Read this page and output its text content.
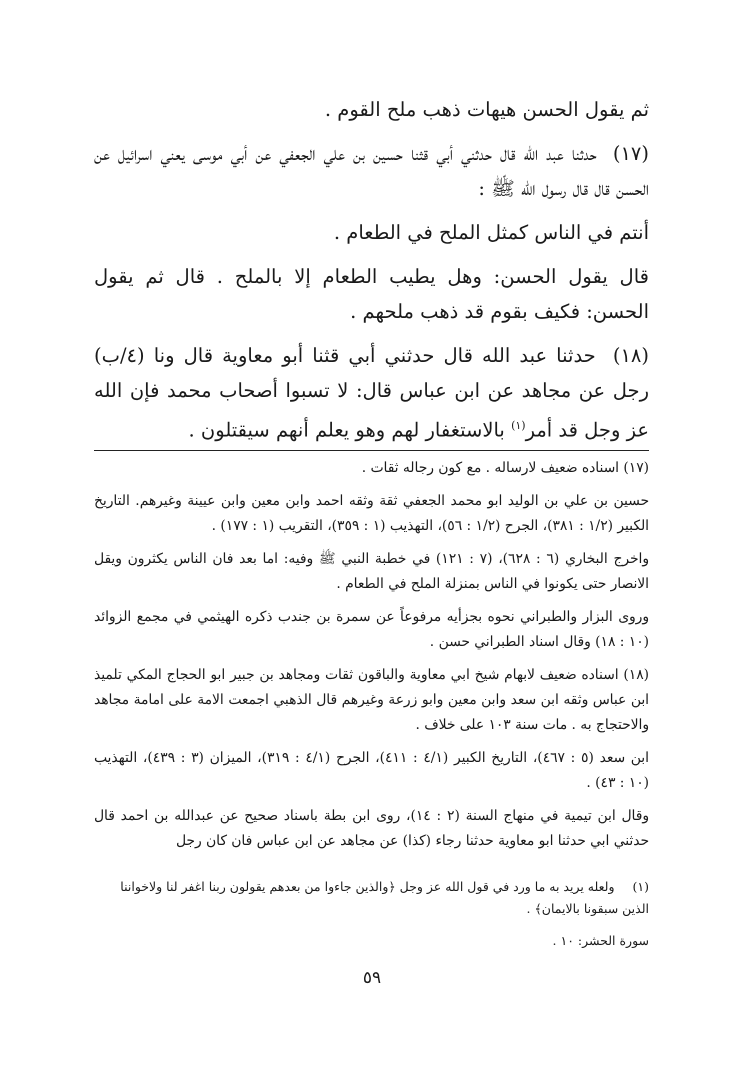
ثم يقول الحسن هيهات ذهب ملح القوم .
(١٧) حدثنا عبد الله قال حدثني أبي قثنا حسين بن علي الجعفي عن أبي موسى يعني اسرائيل عن الحسن قال قال رسول الله ﷺ :
أنتم في الناس كمثل الملح في الطعام .
قال يقول الحسن: وهل يطيب الطعام إلا بالملح . قال ثم يقول الحسن: فكيف بقوم قد ذهب ملحهم .
(١٨) حدثنا عبد الله قال حدثني أبي قثنا أبو معاوية قال ونا (٤/ب) رجل عن مجاهد عن ابن عباس قال: لا تسبوا أصحاب محمد فإن الله عز وجل قد أمر$^{(١)}$ بالاستغفار لهم وهو يعلم أنهم سيقتلون .
(١٧) اسناده ضعيف لارساله . مع كون رجاله ثقات .
حسين بن علي بن الوليد ابو محمد الجعفي ثقة وثقه احمد وابن معين وابن عيينة وغيرهم. التاريخ الكبير (١/٢ : ٣٨١)، الجرح (١/٢ : ٥٦)، التهذيب (١ : ٣٥٩)، التقريب (١ : ١٧٧) .
واخرج البخاري (٦ : ٦٢٨)، (٧ : ١٢١) في خطبة النبي ﷺ وفيه: اما بعد فان الناس يكثرون ويقل الانصار حتى يكونوا في الناس بمنزلة الملح في الطعام .
وروى البزار والطبراني نحوه بجزأيه مرفوعاً عن سمرة بن جندب ذكره الهيثمي في مجمع الزوائد (١٠ : ١٨) وقال اسناد الطبراني حسن .
(١٨) اسناده ضعيف لابهام شيخ ابي معاوية والباقون ثقات ومجاهد بن جبير ابو الحجاج المكي تلميذ ابن عباس وثقه ابن سعد وابن معين وابو زرعة وغيرهم قال الذهبي اجمعت الامة على امامة مجاهد والاحتجاج به . مات سنة ١٠٣ على خلاف .
ابن سعد (٥ : ٤٦٧)، التاريخ الكبير (٤/١ : ٤١١)، الجرح (٤/١ : ٣١٩)، الميزان (٣ : ٤٣٩)، التهذيب (١٠ : ٤٣) .
وقال ابن تيمية في منهاج السنة (٢ : ١٤)، روى ابن بطة باسناد صحيح عن عبدالله بن احمد قال حدثني ابي حدثنا ابو معاوية حدثنا رجاء (كذا) عن مجاهد عن ابن عباس فان كان رجل
(١) ولعله يريد به ما ورد في قول الله عز وجل ﴿والذين جاءوا من بعدهم يقولون ربنا اغفر لنا ولاخواننا الذين سبقونا بالايمان﴾ .
سورة الحشر: ١٠ .
٥٩
